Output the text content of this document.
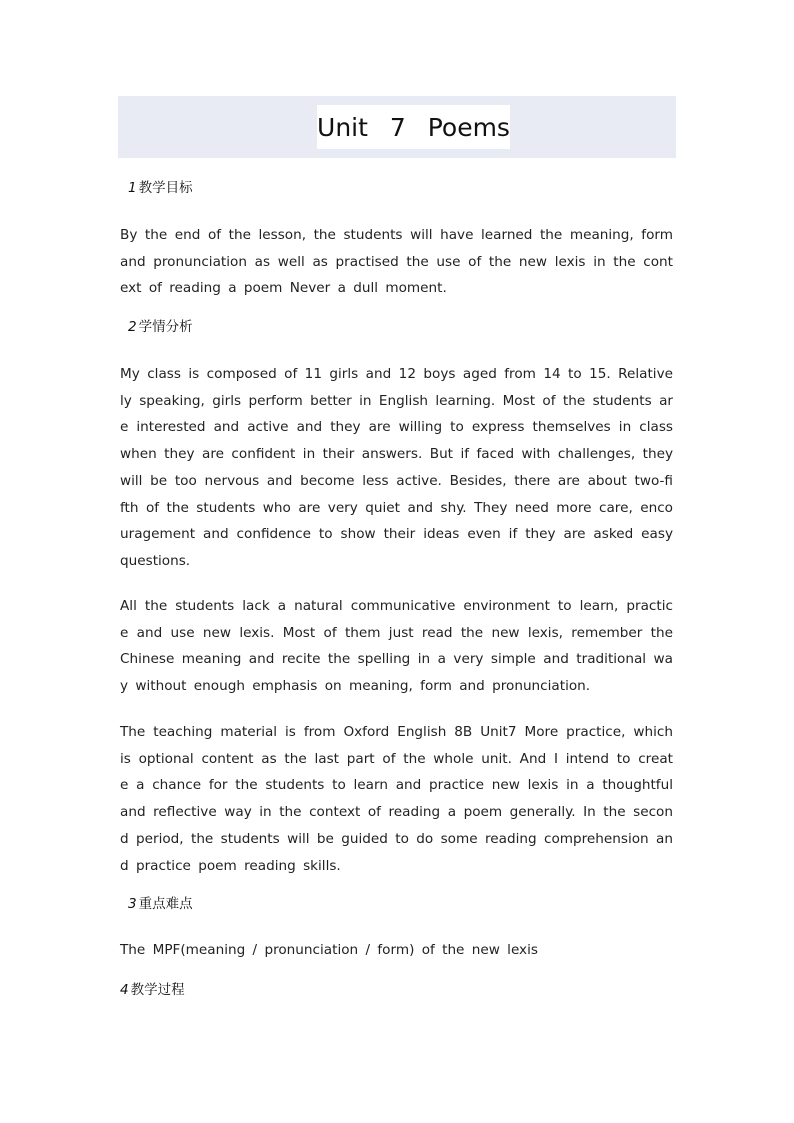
Unit 7 Poems
1 教学目标
By the end of the lesson, the students will have learned the meaning, form and pronunciation as well as practised the use of the new lexis in the context of reading a poem Never a dull moment.
2 学情分析
My class is composed of 11 girls and 12 boys aged from 14 to 15. Relatively speaking, girls perform better in English learning. Most of the students are interested and active and they are willing to express themselves in class when they are confident in their answers. But if faced with challenges, they will be too nervous and become less active. Besides, there are about two-fifth of the students who are very quiet and shy. They need more care, encouragement and confidence to show their ideas even if they are asked easy questions.
All the students lack a natural communicative environment to learn, practice and use new lexis. Most of them just read the new lexis, remember the Chinese meaning and recite the spelling in a very simple and traditional way without enough emphasis on meaning, form and pronunciation.
The teaching material is from Oxford English 8B Unit7 More practice, which is optional content as the last part of the whole unit. And I intend to create a chance for the students to learn and practice new lexis in a thoughtful and reflective way in the context of reading a poem generally. In the second period, the students will be guided to do some reading comprehension and practice poem reading skills.
3 重点难点
The MPF(meaning / pronunciation / form) of the new lexis
4 教学过程
